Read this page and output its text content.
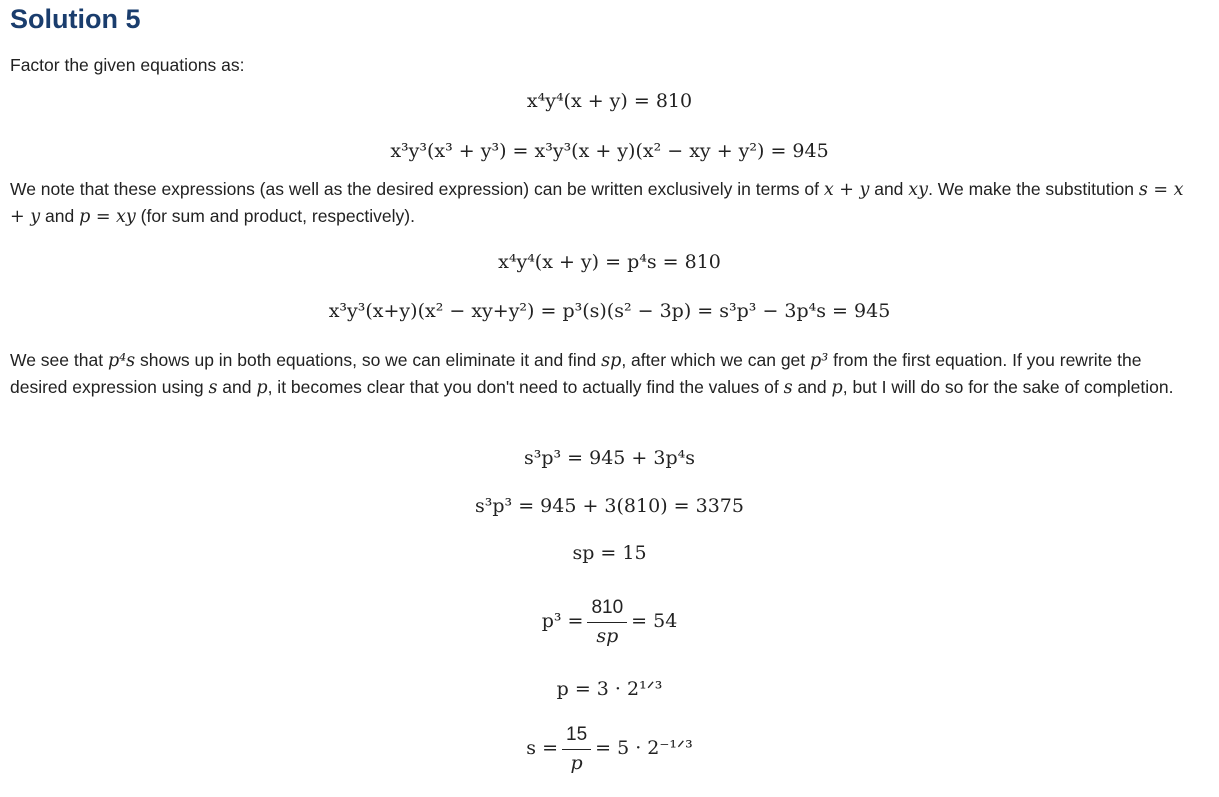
Solution 5

Factor the given equations as:

x⁴y⁴(x + y) = 810
x³y³(x³ + y³) = x³y³(x + y)(x² − xy + y²) = 945

We note that these expressions (as well as the desired expression) can be written exclusively in terms of x + y and xy. We make the substitution s = x + y and p = xy (for sum and product, respectively).

x⁴y⁴(x + y) = p⁴s = 810
x³y³(x+y)(x² − xy+y²) = p³(s)(s² − 3p) = s³p³ − 3p⁴s = 945

We see that p⁴s shows up in both equations, so we can eliminate it and find sp, after which we can get p³ from the first equation. If you rewrite the desired expression using s and p, it becomes clear that you don't need to actually find the values of s and p, but I will do so for the sake of completion.

s³p³ = 945 + 3p⁴s
s³p³ = 945 + 3(810) = 3375
sp = 15
$p^3 = \frac{810}{sp} = 54$
p = 3 · 2¹ᐟ³
$s = \frac{15}{p} = 5$ · 2⁻¹ᐟ³
